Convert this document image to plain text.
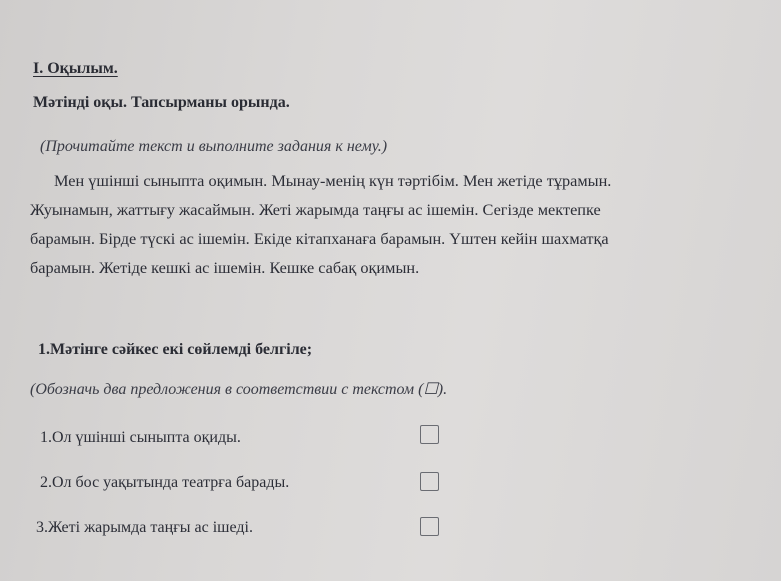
I. Оқылым.
Мәтінді оқы. Тапсырманы орында.
(Прочитайте текст и выполните задания к нему.)
Мен үшінші сыныпта оқимын. Мынау-менің күн тәртібім. Мен жетіде тұрамын.
Жуынамын, жаттығу жасаймын. Жеті жарымда таңғы ас ішемін. Сегізде мектепке
барамын. Бірде түскі ас ішемін. Екіде кітапханаға барамын. Үштен кейін шахматқа
барамын. Жетіде кешкі ас ішемін. Кешке сабақ оқимын.
1.Мәтінге сәйкес екі сөйлемді белгіле;
(Обозначь два предложения в соответствии с текстом (☐).
1.Ол үшінші сыныпта оқиды.
2.Ол бос уақытында театрға барады.
3.Жеті жарымда таңғы ас ішеді.
